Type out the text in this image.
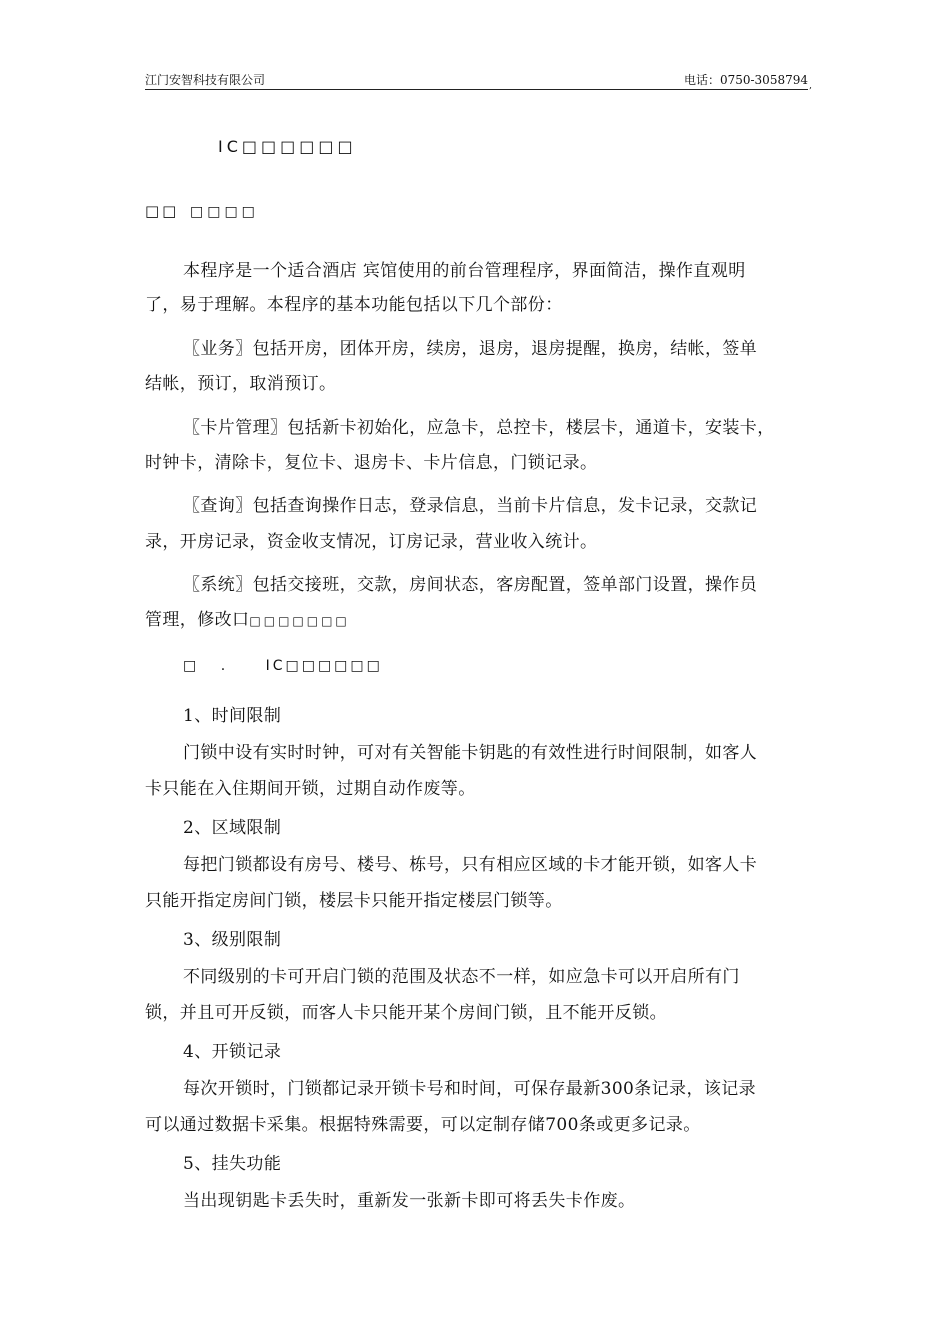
江门安智科技有限公司	电话：0750-3058794 ,
IC□□□□□□
□□ □□□□
本程序是一个适合酒店 宾馆使用的前台管理程序，界面简洁，操作直观明
了，易于理解。本程序的基本功能包括以下几个部份：
〖业务〗包括开房，团体开房，续房，退房，退房提醒，换房，结帐，签单
结帐，预订，取消预订。
〖卡片管理〗包括新卡初始化，应急卡，总控卡，楼层卡，通道卡，安装卡，
时钟卡，清除卡，复位卡、退房卡、卡片信息，门锁记录。
〖查询〗包括查询操作日志，登录信息，当前卡片信息，发卡记录，交款记
录，开房记录，资金收支情况，订房记录，营业收入统计。
〖系统〗包括交接班，交款，房间状态，客房配置，签单部门设置，操作员
管理，修改口□□□□□□□
□ .	IC□□□□□□
1、时间限制
门锁中设有实时时钟，可对有关智能卡钥匙的有效性进行时间限制，如客人
卡只能在入住期间开锁，过期自动作废等。
2、区域限制
每把门锁都设有房号、楼号、栋号，只有相应区域的卡才能开锁，如客人卡
只能开指定房间门锁，楼层卡只能开指定楼层门锁等。
3、级别限制
不同级别的卡可开启门锁的范围及状态不一样，如应急卡可以开启所有门
锁，并且可开反锁，而客人卡只能开某个房间门锁，且不能开反锁。
4、开锁记录
每次开锁时，门锁都记录开锁卡号和时间，可保存最新300条记录，该记录
可以通过数据卡采集。根据特殊需要，可以定制存储700条或更多记录。
5、挂失功能
当出现钥匙卡丢失时，重新发一张新卡即可将丢失卡作废。
